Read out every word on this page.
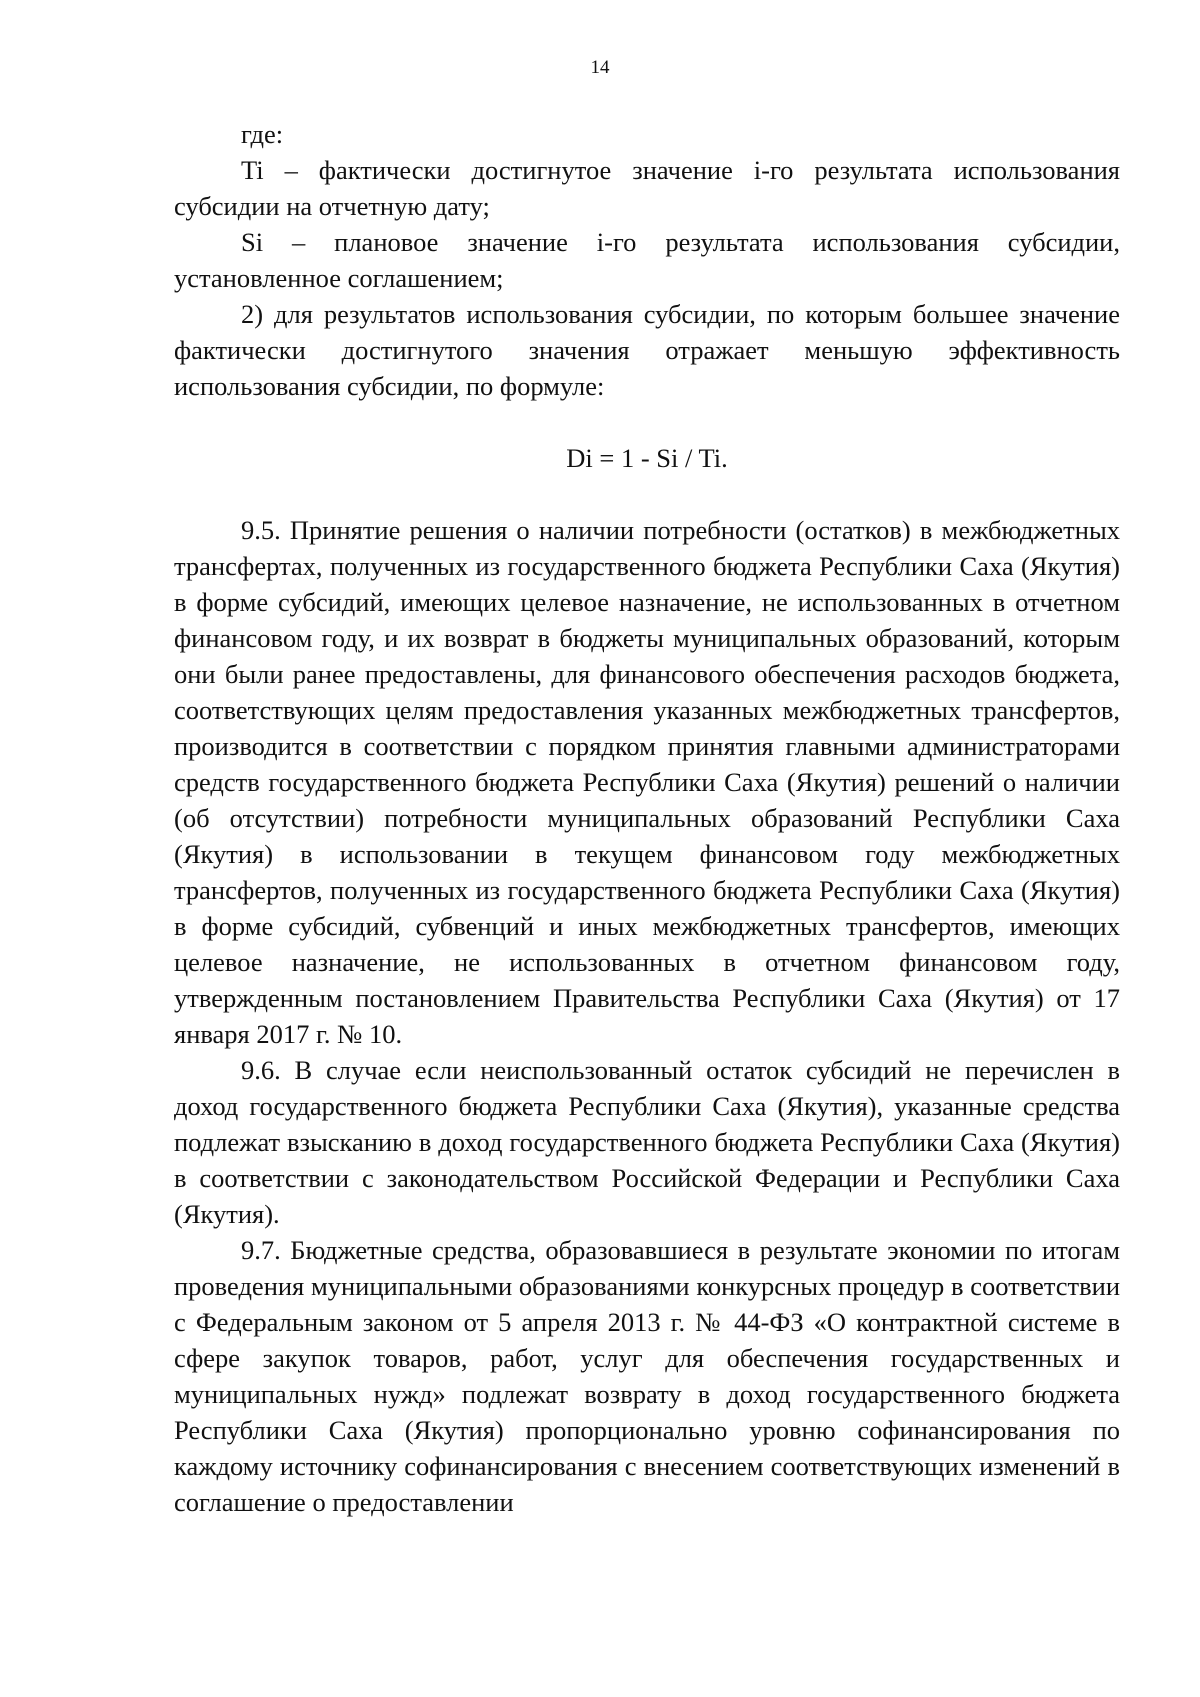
14

где:

Ti – фактически достигнутое значение i-го результата использования субсидии на отчетную дату;

Si – плановое значение i-го результата использования субсидии, установленное соглашением;

2) для результатов использования субсидии, по которым большее значение фактически достигнутого значения отражает меньшую эффективность использования субсидии, по формуле:

Di = 1 - Si / Ti.

9.5. Принятие решения о наличии потребности (остатков) в межбюджетных трансфертах, полученных из государственного бюджета Республики Саха (Якутия) в форме субсидий, имеющих целевое назначение, не использованных в отчетном финансовом году, и их возврат в бюджеты муниципальных образований, которым они были ранее предоставлены, для финансового обеспечения расходов бюджета, соответствующих целям предоставления указанных межбюджетных трансфертов, производится в соответствии с порядком принятия главными администраторами средств государственного бюджета Республики Саха (Якутия) решений о наличии (об отсутствии) потребности муниципальных образований Республики Саха (Якутия) в использовании в текущем финансовом году межбюджетных трансфертов, полученных из государственного бюджета Республики Саха (Якутия) в форме субсидий, субвенций и иных межбюджетных трансфертов, имеющих целевое назначение, не использованных в отчетном финансовом году, утвержденным постановлением Правительства Республики Саха (Якутия) от 17 января 2017 г. № 10.

9.6. В случае если неиспользованный остаток субсидий не перечислен в доход государственного бюджета Республики Саха (Якутия), указанные средства подлежат взысканию в доход государственного бюджета Республики Саха (Якутия) в соответствии с законодательством Российской Федерации и Республики Саха (Якутия).

9.7. Бюджетные средства, образовавшиеся в результате экономии по итогам проведения муниципальными образованиями конкурсных процедур в соответствии с Федеральным законом от 5 апреля 2013 г. № 44-ФЗ «О контрактной системе в сфере закупок товаров, работ, услуг для обеспечения государственных и муниципальных нужд» подлежат возврату в доход государственного бюджета Республики Саха (Якутия) пропорционально уровню софинансирования по каждому источнику софинансирования с внесением соответствующих изменений в соглашение о предоставлении
